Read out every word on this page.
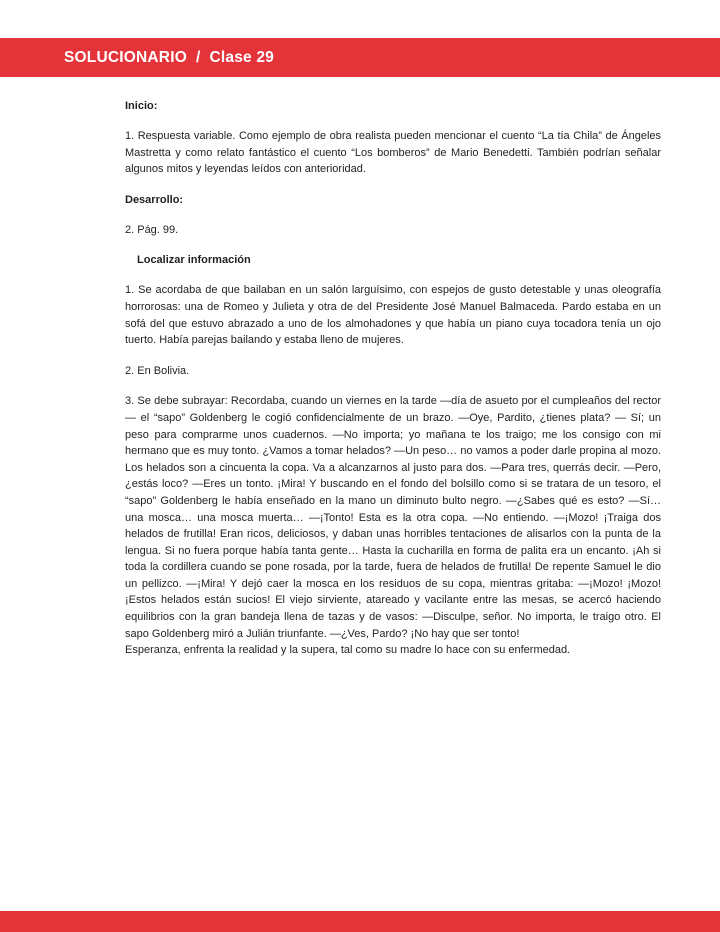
SOLUCIONARIO  /  Clase 29
Inicio:

1. Respuesta variable. Como ejemplo de obra realista pueden mencionar el cuento “La tía Chila” de Ángeles Mastretta y como relato fantástico el cuento “Los bomberos” de Mario Benedetti. También podrían señalar algunos mitos y leyendas leídos con anterioridad.

Desarrollo:

2. Pág. 99.

Localizar información

1. Se acordaba de que bailaban en un salón larguísimo, con espejos de gusto detestable y unas oleografía horrorosas: una de Romeo y Julieta y otra de del Presidente José Manuel Balmaceda. Pardo estaba en un sofá del que estuvo abrazado a uno de los almohadones y que había un piano cuya tocadora tenía un ojo tuerto. Había parejas bailando y estaba lleno de mujeres.

2. En Bolivia.

3. Se debe subrayar: Recordaba, cuando un viernes en la tarde —día de asueto por el cumpleaños del rector— el “sapo” Goldenberg le cogió confidencialmente de un brazo. —Oye, Pardito, ¿tienes plata? — Sí; un peso para comprarme unos cuadernos. —No importa; yo mañana te los traigo; me los consigo con mi hermano que es muy tonto. ¿Vamos a tomar helados? —Un peso… no vamos a poder darle propina al mozo. Los helados son a cincuenta la copa. Va a alcanzarnos al justo para dos. —Para tres, querrás decir. —Pero, ¿estás loco? —Eres un tonto. ¡Mira! Y buscando en el fondo del bolsillo como si se tratara de un tesoro, el “sapo” Goldenberg le había enseñado en la mano un diminuto bulto negro. —¿Sabes qué es esto? —Sí… una mosca… una mosca muerta… —¡Tonto! Esta es la otra copa. —No entiendo. —¡Mozo! ¡Traiga dos helados de frutilla! Eran ricos, deliciosos, y daban unas horribles tentaciones de alisarlos con la punta de la lengua. Si no fuera porque había tanta gente… Hasta la cucharilla en forma de palita era un encanto. ¡Ah si toda la cordillera cuando se pone rosada, por la tarde, fuera de helados de frutilla! De repente Samuel le dio un pellizco. —¡Mira! Y dejó caer la mosca en los residuos de su copa, mientras gritaba: —¡Mozo! ¡Mozo! ¡Estos helados están sucios! El viejo sirviente, atareado y vacilante entre las mesas, se acercó haciendo equilibrios con la gran bandeja llena de tazas y de vasos: —Disculpe, señor. No importa, le traigo otro. El sapo Goldenberg miró a Julián triunfante. —¿Ves, Pardo? ¡No hay que ser tonto!

Esperanza, enfrenta la realidad y la supera, tal como su madre lo hace con su enfermedad.
